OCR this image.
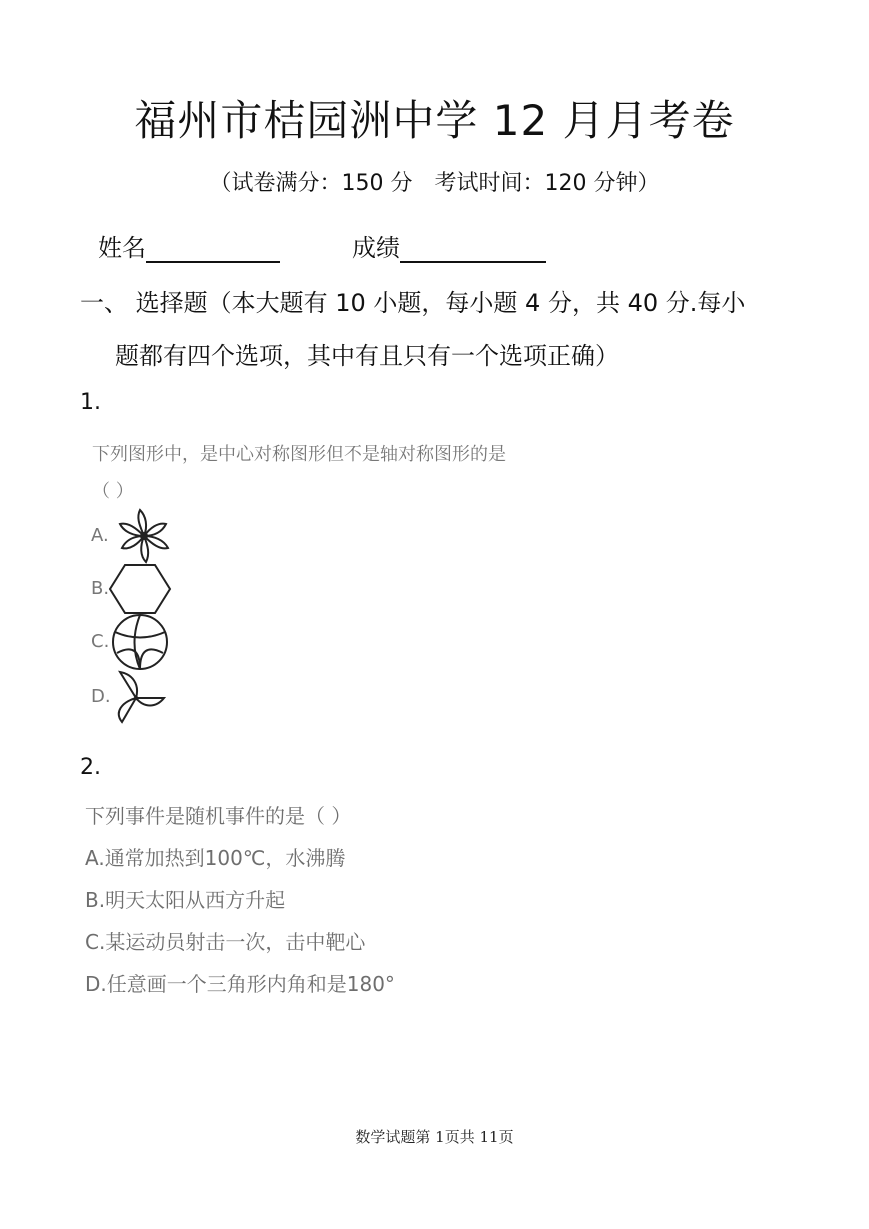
福州市桔园洲中学 12 月月考卷
（试卷满分：150 分　考试时间：120 分钟）
姓名	成绩
一、 选择题（本大题有 10 小题，每小题 4 分，共 40 分.每小
题都有四个选项，其中有且只有一个选项正确）
1.
下列图形中，是中心对称图形但不是轴对称图形的是
（ ）
A.
B.
C.
D.
2.
下列事件是随机事件的是（ ）
A.通常加热到100℃，水沸腾
B.明天太阳从西方升起
C.某运动员射击一次，击中靶心
D.任意画一个三角形内角和是180°
数学试题第 1页共 11页
